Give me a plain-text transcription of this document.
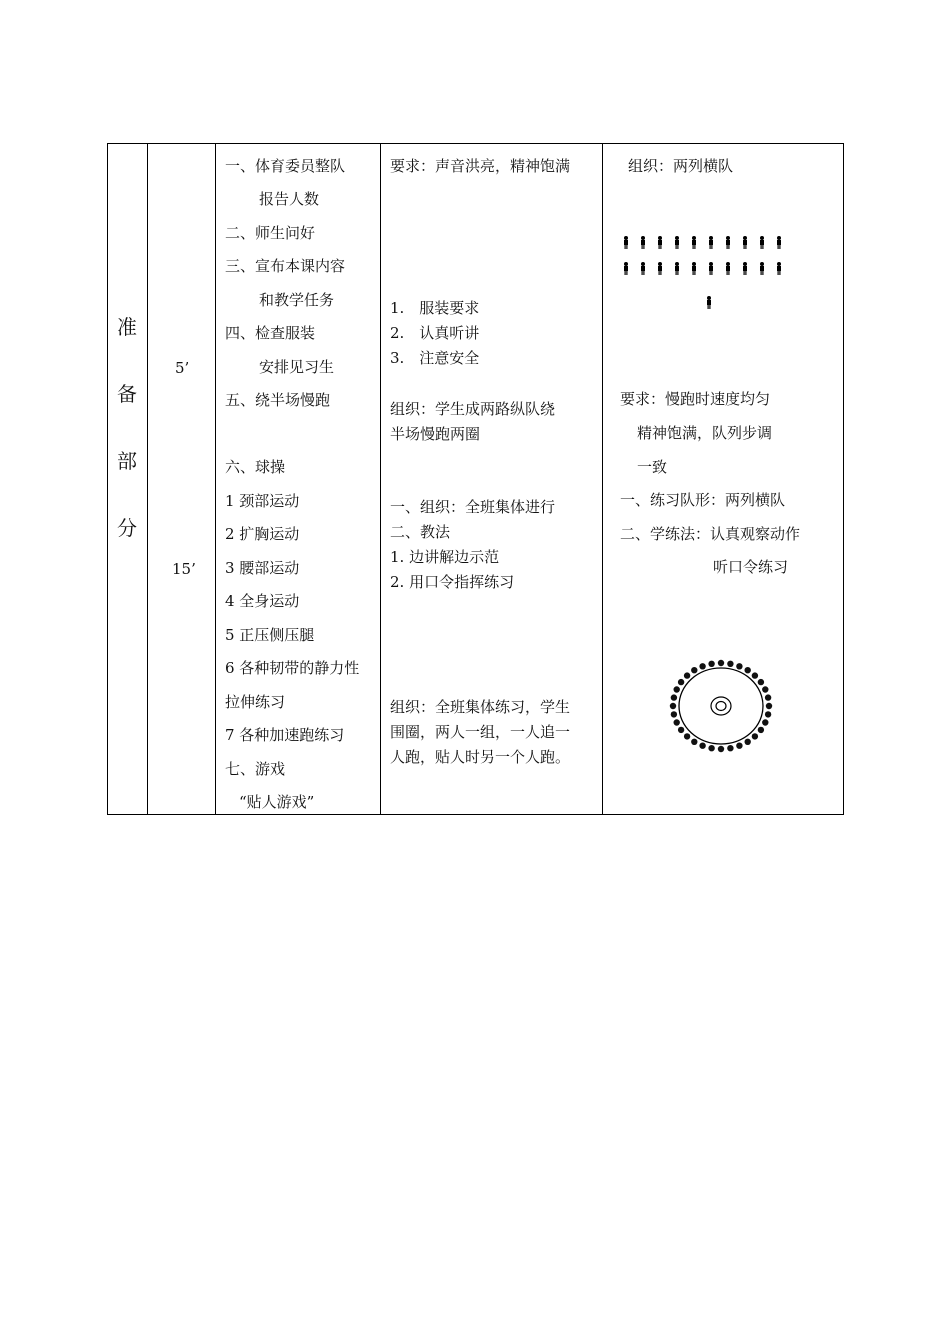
准
备
部
分
5’
15’
一、体育委员整队
报告人数
二、师生问好
三、宣布本课内容
和教学任务
四、检查服装
安排见习生
五、绕半场慢跑
六、球操
1 颈部运动
2 扩胸运动
3 腰部运动
4 全身运动
5 正压侧压腿
6 各种韧带的静力性
拉伸练习
7 各种加速跑练习
七、游戏
“贴人游戏”
要求：声音洪亮，精神饱满
1.　服装要求
2.　认真听讲
3.　注意安全
组织：学生成两路纵队绕
半场慢跑两圈
一、组织：全班集体进行
二、教法
1. 边讲解边示范
2. 用口令指挥练习
组织：全班集体练习，学生
围圈，两人一组，一人追一
人跑，贴人时另一个人跑。
组织：两列横队
要求：慢跑时速度均匀
精神饱满，队列步调
一致
一、练习队形：两列横队
二、学练法：认真观察动作
听口令练习
